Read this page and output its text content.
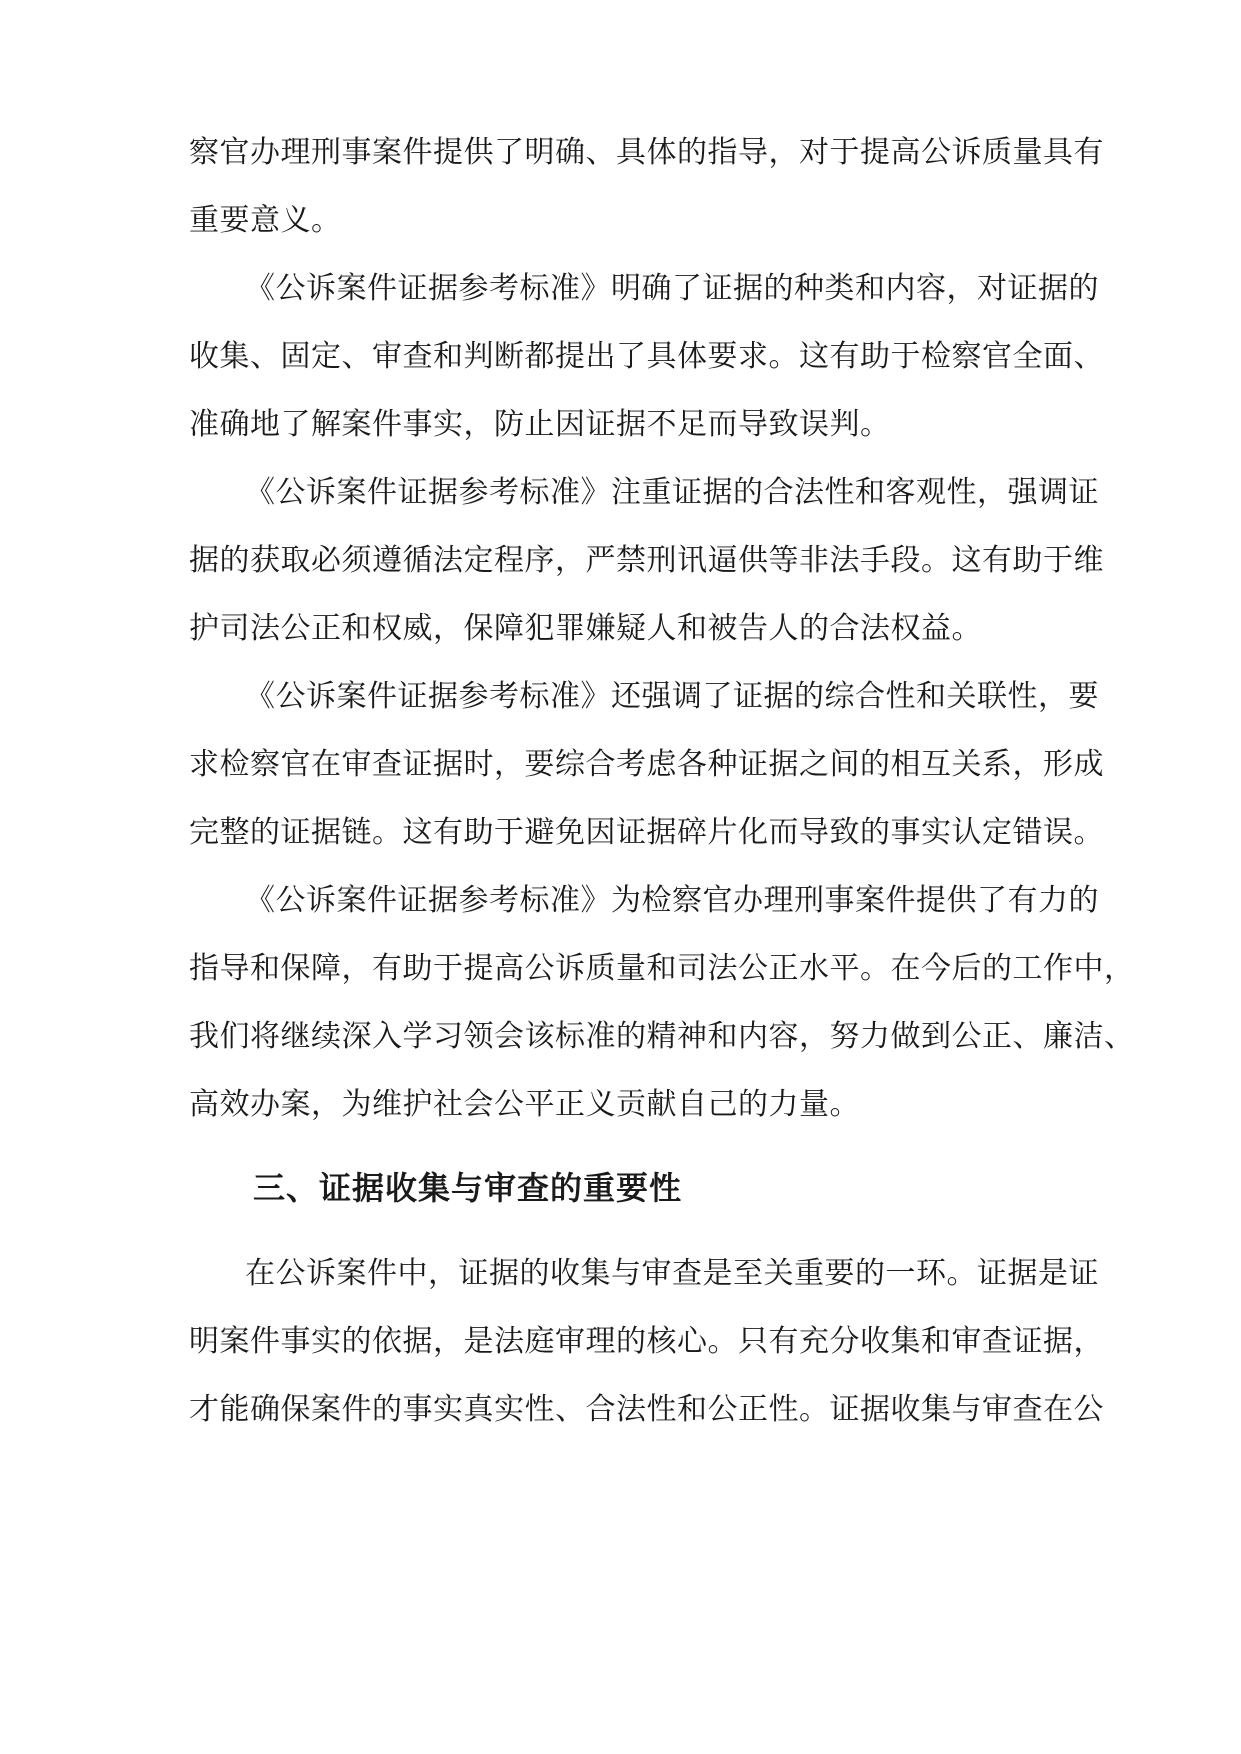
察官办理刑事案件提供了明确、具体的指导，对于提高公诉质量具有
重要意义。
《公诉案件证据参考标准》明确了证据的种类和内容，对证据的
收集、固定、审查和判断都提出了具体要求。这有助于检察官全面、
准确地了解案件事实，防止因证据不足而导致误判。
《公诉案件证据参考标准》注重证据的合法性和客观性，强调证
据的获取必须遵循法定程序，严禁刑讯逼供等非法手段。这有助于维
护司法公正和权威，保障犯罪嫌疑人和被告人的合法权益。
《公诉案件证据参考标准》还强调了证据的综合性和关联性，要
求检察官在审查证据时，要综合考虑各种证据之间的相互关系，形成
完整的证据链。这有助于避免因证据碎片化而导致的事实认定错误。
《公诉案件证据参考标准》为检察官办理刑事案件提供了有力的
指导和保障，有助于提高公诉质量和司法公正水平。在今后的工作中，
我们将继续深入学习领会该标准的精神和内容，努力做到公正、廉洁、
高效办案，为维护社会公平正义贡献自己的力量。
三、证据收集与审查的重要性
在公诉案件中，证据的收集与审查是至关重要的一环。证据是证
明案件事实的依据，是法庭审理的核心。只有充分收集和审查证据，
才能确保案件的事实真实性、合法性和公正性。证据收集与审查在公
